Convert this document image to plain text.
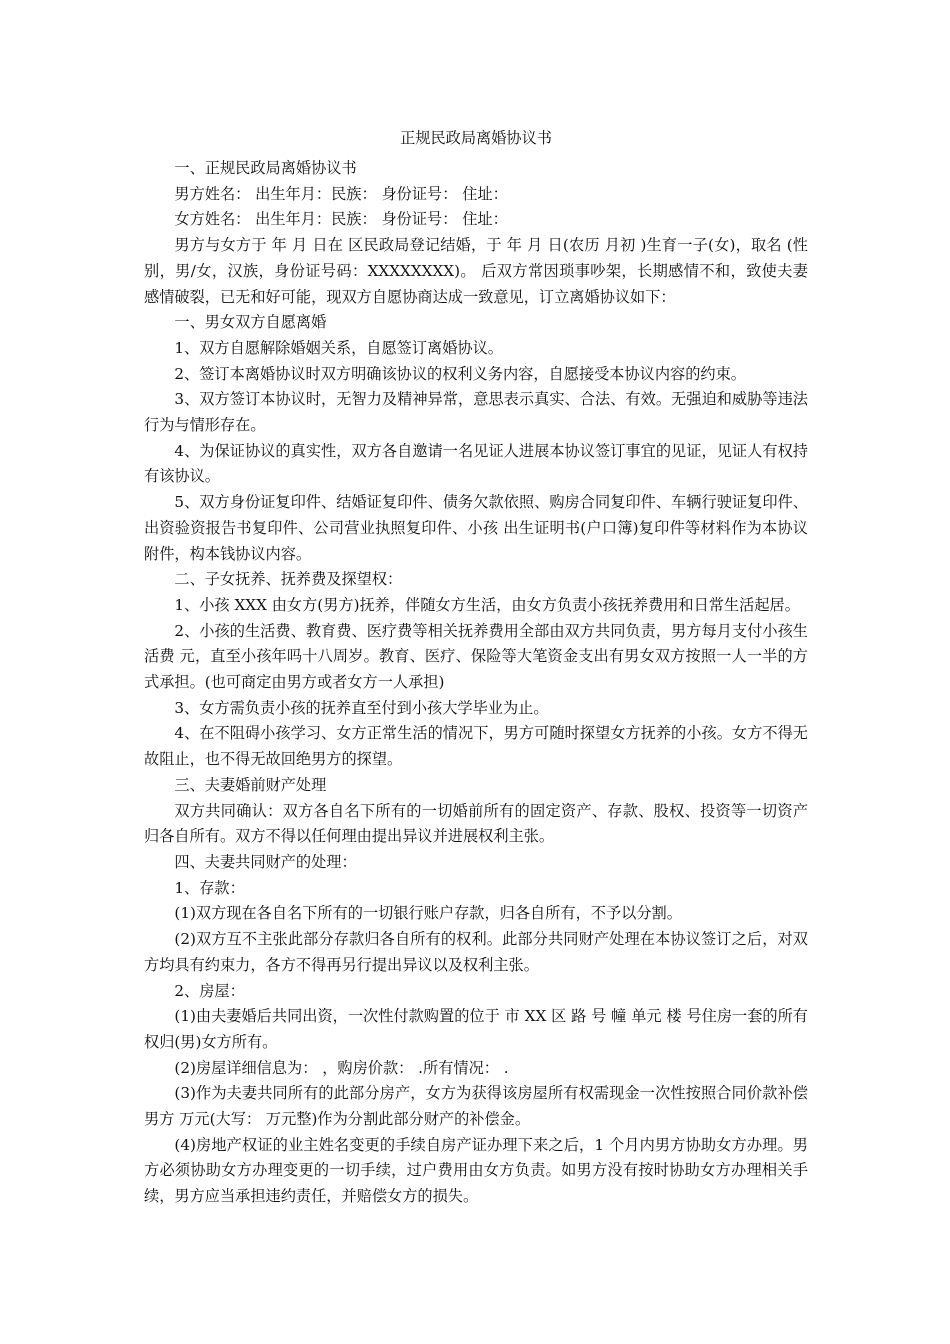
正规民政局离婚协议书

一、正规民政局离婚协议书

男方姓名： 出生年月：民族： 身份证号： 住址：

女方姓名： 出生年月：民族： 身份证号： 住址：

男方与女方于 年 月 日在 区民政局登记结婚，于 年 月 日(农历 月初 )生育一子(女)，取名 (性别，男/女，汉族，身份证号码：XXXXXXXX)。 后双方常因琐事吵架，长期感情不和，致使夫妻感情破裂，已无和好可能，现双方自愿协商达成一致意见，订立离婚协议如下：

一、男女双方自愿离婚

1、双方自愿解除婚姻关系，自愿签订离婚协议。

2、签订本离婚协议时双方明确该协议的权利义务内容，自愿接受本协议内容的约束。

3、双方签订本协议时，无智力及精神异常，意思表示真实、合法、有效。无强迫和威胁等违法行为与情形存在。

4、为保证协议的真实性，双方各自邀请一名见证人进展本协议签订事宜的见证，见证人有权持有该协议。

5、双方身份证复印件、结婚证复印件、债务欠款依照、购房合同复印件、车辆行驶证复印件、出资验资报告书复印件、公司营业执照复印件、小孩 出生证明书(户口簿)复印件等材料作为本协议附件，构本钱协议内容。

二、子女抚养、抚养费及探望权：

1、小孩 XXX 由女方(男方)抚养，伴随女方生活，由女方负责小孩抚养费用和日常生活起居。

2、小孩的生活费、教育费、医疗费等相关抚养费用全部由双方共同负责，男方每月支付小孩生活费 元，直至小孩年吗十八周岁。教育、医疗、保险等大笔资金支出有男女双方按照一人一半的方式承担。(也可商定由男方或者女方一人承担)

3、女方需负责小孩的抚养直至付到小孩大学毕业为止。

4、在不阻碍小孩学习、女方正常生活的情况下，男方可随时探望女方抚养的小孩。女方不得无故阻止，也不得无故回绝男方的探望。

三、夫妻婚前财产处理

双方共同确认：双方各自名下所有的一切婚前所有的固定资产、存款、股权、投资等一切资产归各自所有。双方不得以任何理由提出异议并进展权利主张。

四、夫妻共同财产的处理：

1、存款：

(1)双方现在各自名下所有的一切银行账户存款，归各自所有，不予以分割。

(2)双方互不主张此部分存款归各自所有的权利。此部分共同财产处理在本协议签订之后，对双方均具有约束力，各方不得再另行提出异议以及权利主张。

2、房屋：

(1)由夫妻婚后共同出资，一次性付款购置的位于 市 XX 区 路 号 幢 单元 楼 号住房一套的所有权归(男)女方所有。

(2)房屋详细信息为： ，购房价款： .所有情况： .

(3)作为夫妻共同所有的此部分房产，女方为获得该房屋所有权需现金一次性按照合同价款补偿男方 万元(大写： 万元整)作为分割此部分财产的补偿金。

(4)房地产权证的业主姓名变更的手续自房产证办理下来之后，1 个月内男方协助女方办理。男方必须协助女方办理变更的一切手续，过户费用由女方负责。如男方没有按时协助女方办理相关手续，男方应当承担违约责任，并赔偿女方的损失。
